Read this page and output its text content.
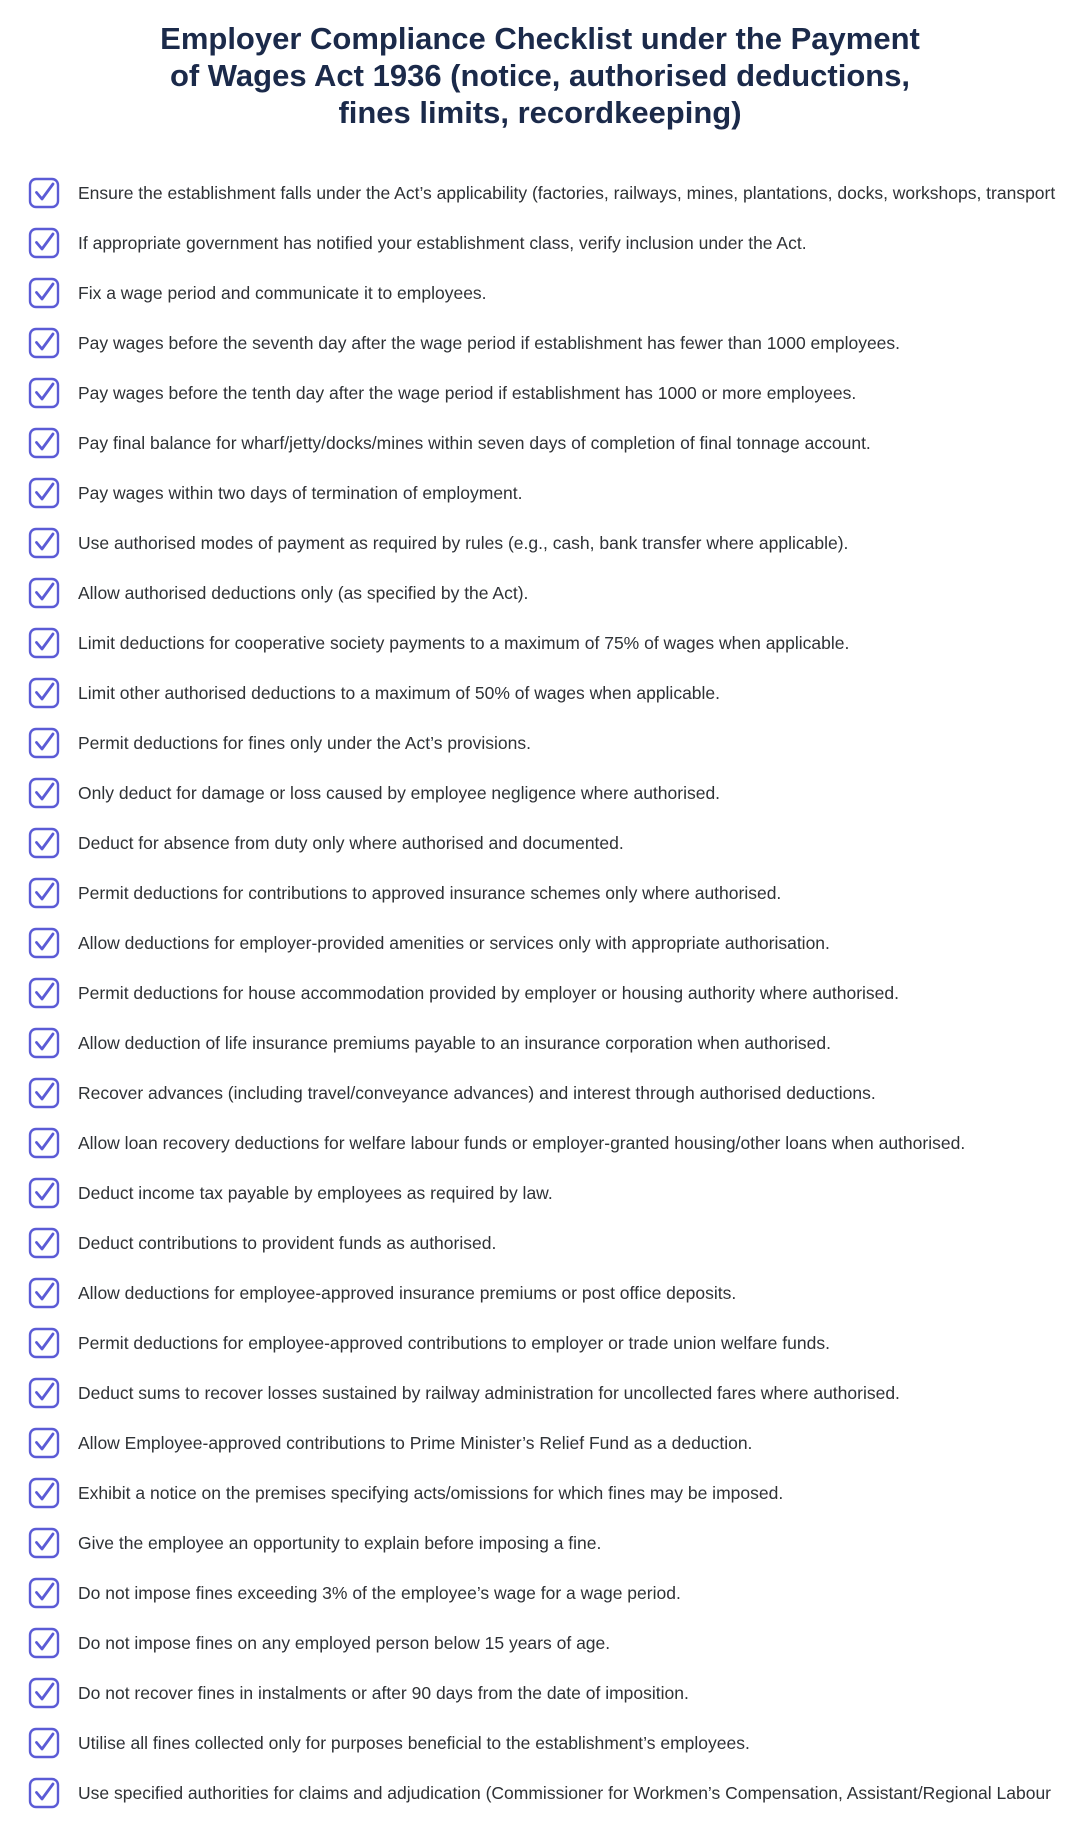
Employer Compliance Checklist under the Payment of Wages Act 1936 (notice, authorised deductions, fines limits, recordkeeping)
Ensure the establishment falls under the Act’s applicability (factories, railways, mines, plantations, docks, workshops, transport
If appropriate government has notified your establishment class, verify inclusion under the Act.
Fix a wage period and communicate it to employees.
Pay wages before the seventh day after the wage period if establishment has fewer than 1000 employees.
Pay wages before the tenth day after the wage period if establishment has 1000 or more employees.
Pay final balance for wharf/jetty/docks/mines within seven days of completion of final tonnage account.
Pay wages within two days of termination of employment.
Use authorised modes of payment as required by rules (e.g., cash, bank transfer where applicable).
Allow authorised deductions only (as specified by the Act).
Limit deductions for cooperative society payments to a maximum of 75% of wages when applicable.
Limit other authorised deductions to a maximum of 50% of wages when applicable.
Permit deductions for fines only under the Act’s provisions.
Only deduct for damage or loss caused by employee negligence where authorised.
Deduct for absence from duty only where authorised and documented.
Permit deductions for contributions to approved insurance schemes only where authorised.
Allow deductions for employer-provided amenities or services only with appropriate authorisation.
Permit deductions for house accommodation provided by employer or housing authority where authorised.
Allow deduction of life insurance premiums payable to an insurance corporation when authorised.
Recover advances (including travel/conveyance advances) and interest through authorised deductions.
Allow loan recovery deductions for welfare labour funds or employer-granted housing/other loans when authorised.
Deduct income tax payable by employees as required by law.
Deduct contributions to provident funds as authorised.
Allow deductions for employee-approved insurance premiums or post office deposits.
Permit deductions for employee-approved contributions to employer or trade union welfare funds.
Deduct sums to recover losses sustained by railway administration for uncollected fares where authorised.
Allow Employee-approved contributions to Prime Minister’s Relief Fund as a deduction.
Exhibit a notice on the premises specifying acts/omissions for which fines may be imposed.
Give the employee an opportunity to explain before imposing a fine.
Do not impose fines exceeding 3% of the employee’s wage for a wage period.
Do not impose fines on any employed person below 15 years of age.
Do not recover fines in instalments or after 90 days from the date of imposition.
Utilise all fines collected only for purposes beneficial to the establishment’s employees.
Use specified authorities for claims and adjudication (Commissioner for Workmen’s Compensation, Assistant/Regional Labour
